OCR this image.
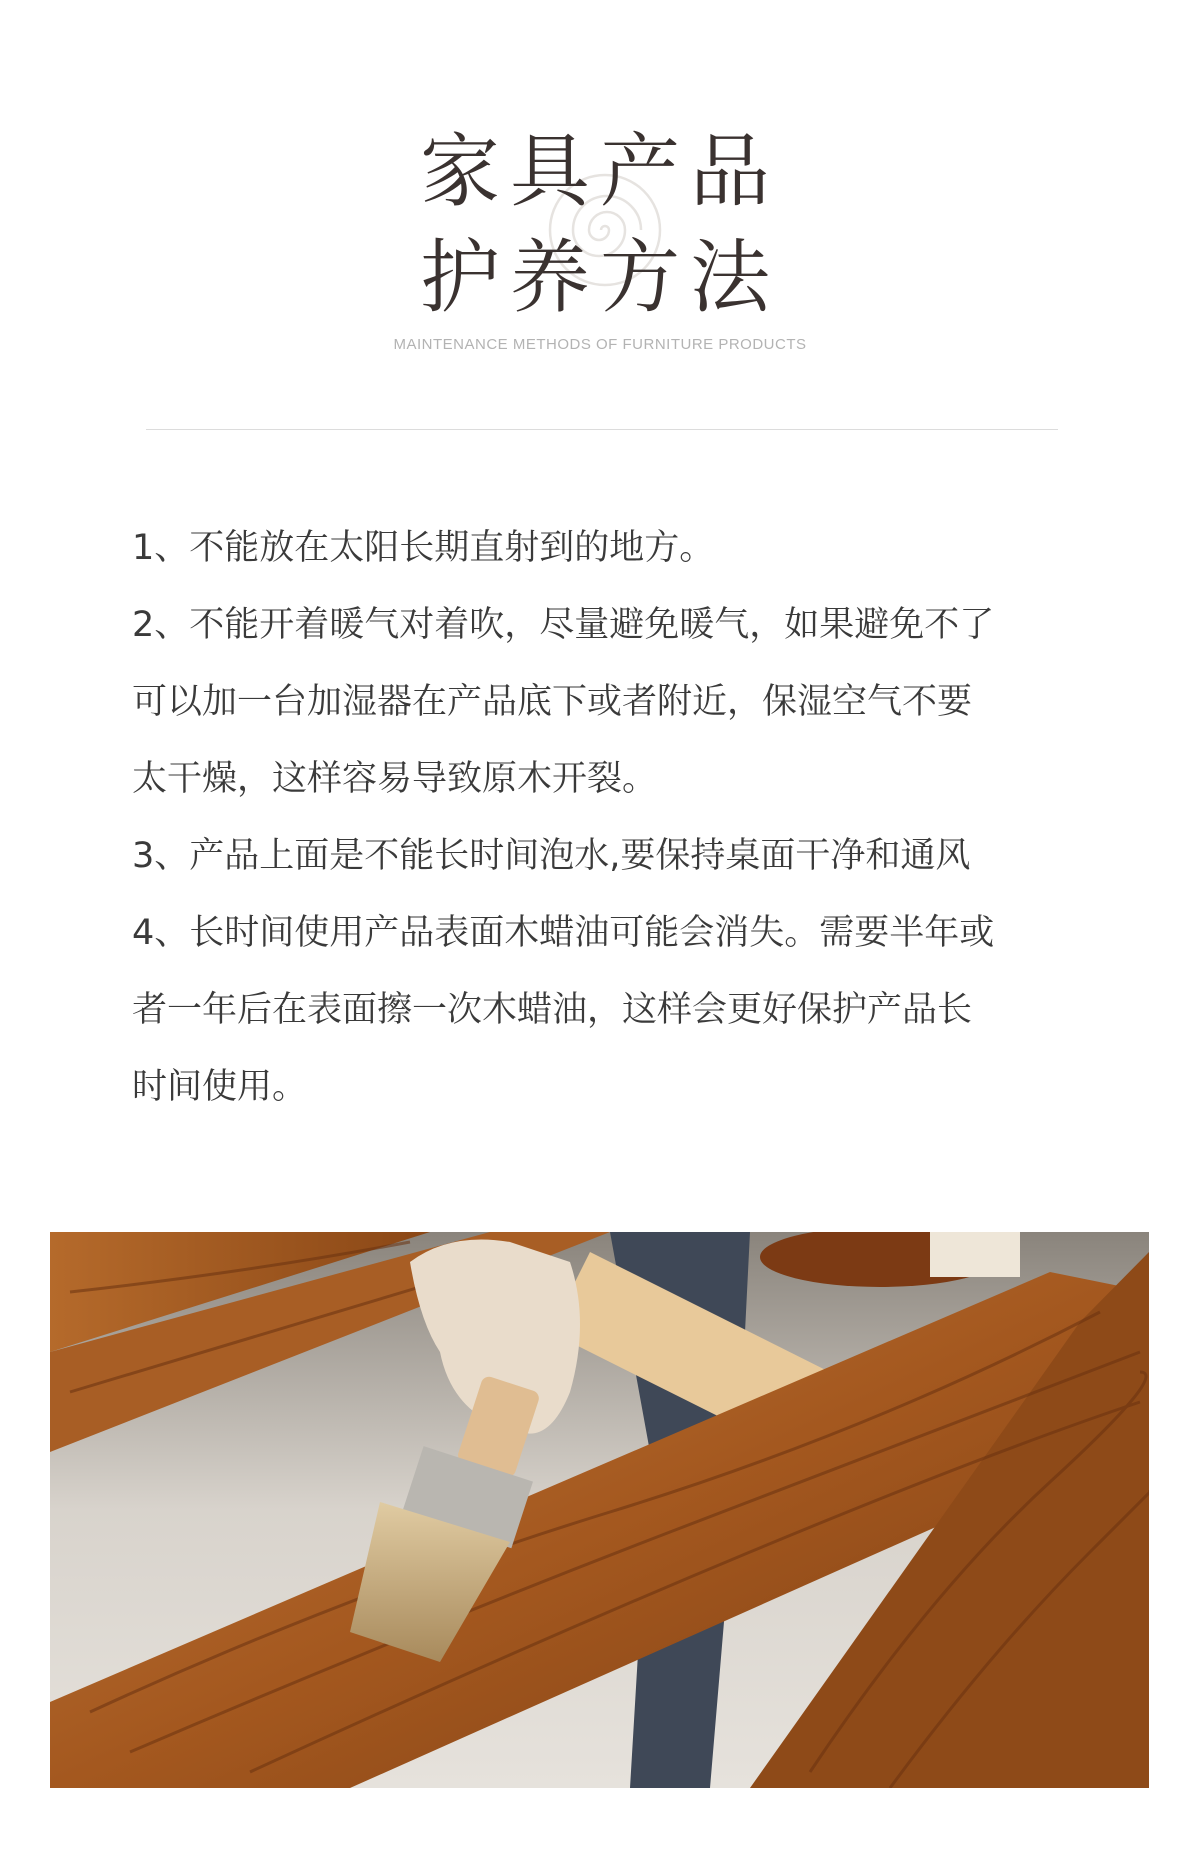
家具产品
护养方法
MAINTENANCE METHODS OF FURNITURE PRODUCTS
1、不能放在太阳长期直射到的地方。
2、不能开着暖气对着吹，尽量避免暖气，如果避免不了
可以加一台加湿器在产品底下或者附近，保湿空气不要
太干燥，这样容易导致原木开裂。
3、产品上面是不能长时间泡水,要保持桌面干净和通风
4、长时间使用产品表面木蜡油可能会消失。需要半年或
者一年后在表面擦一次木蜡油，这样会更好保护产品长
时间使用。
